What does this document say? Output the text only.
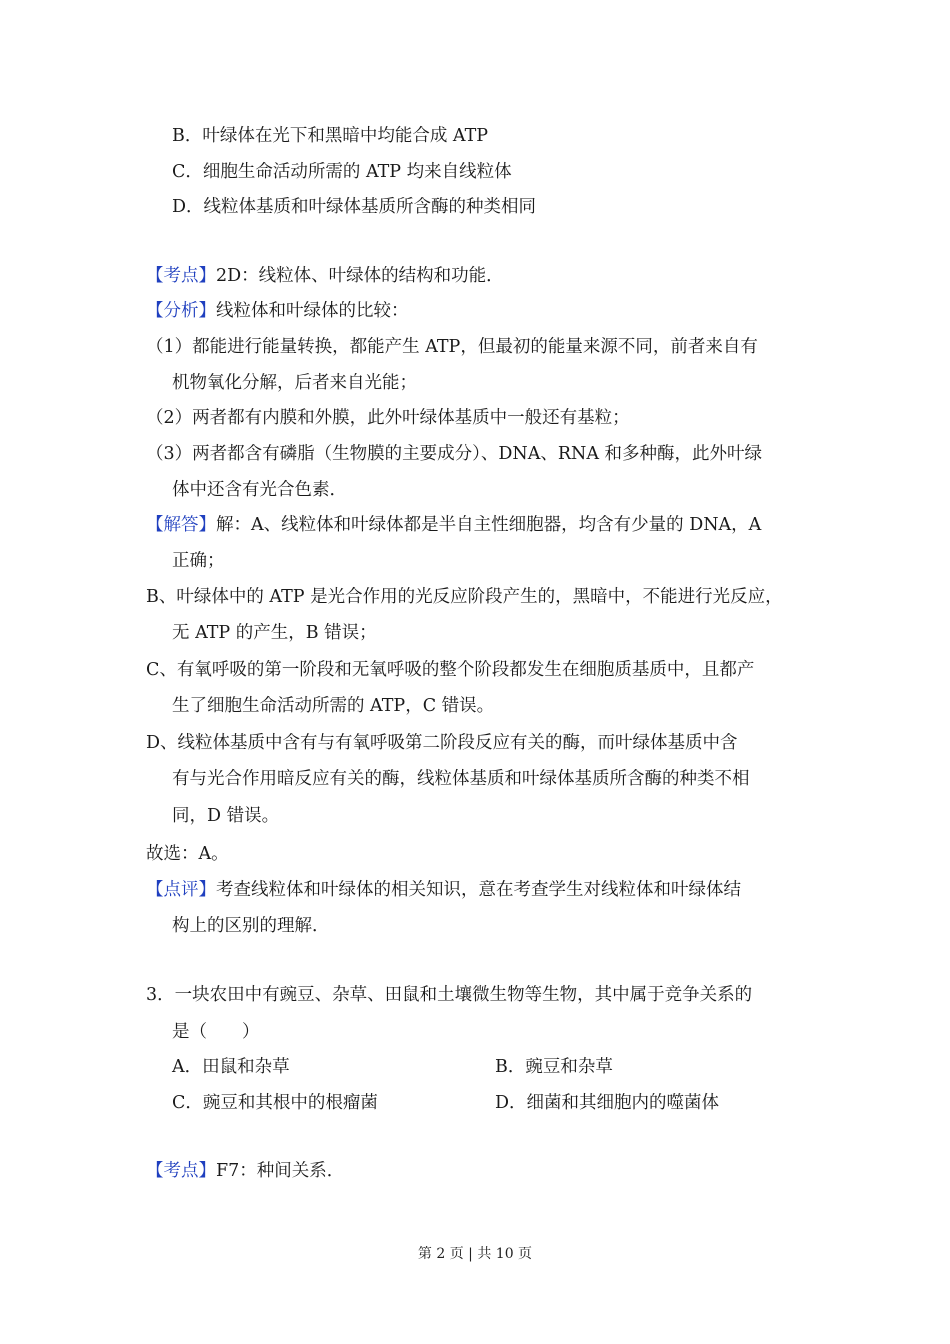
B．叶绿体在光下和黑暗中均能合成 ATP
C．细胞生命活动所需的 ATP 均来自线粒体
D．线粒体基质和叶绿体基质所含酶的种类相同
【考点】2D：线粒体、叶绿体的结构和功能．
【分析】线粒体和叶绿体的比较：
（1）都能进行能量转换，都能产生 ATP，但最初的能量来源不同，前者来自有
机物氧化分解，后者来自光能；
（2）两者都有内膜和外膜，此外叶绿体基质中一般还有基粒；
（3）两者都含有磷脂（生物膜的主要成分）、DNA、RNA 和多种酶，此外叶绿
体中还含有光合色素．
【解答】解：A、线粒体和叶绿体都是半自主性细胞器，均含有少量的 DNA，A
正确；
B、叶绿体中的 ATP 是光合作用的光反应阶段产生的，黑暗中，不能进行光反应，
无 ATP 的产生，B 错误；
C、有氧呼吸的第一阶段和无氧呼吸的整个阶段都发生在细胞质基质中，且都产
生了细胞生命活动所需的 ATP，C 错误。
D、线粒体基质中含有与有氧呼吸第二阶段反应有关的酶，而叶绿体基质中含
有与光合作用暗反应有关的酶，线粒体基质和叶绿体基质所含酶的种类不相
同，D 错误。
故选：A。
【点评】考查线粒体和叶绿体的相关知识，意在考查学生对线粒体和叶绿体结
构上的区别的理解．
3．一块农田中有豌豆、杂草、田鼠和土壤微生物等生物，其中属于竞争关系的
是（　　）
A．田鼠和杂草	B．豌豆和杂草
C．豌豆和其根中的根瘤菌	D．细菌和其细胞内的噬菌体
【考点】F7：种间关系．
第 2 页 | 共 10 页
